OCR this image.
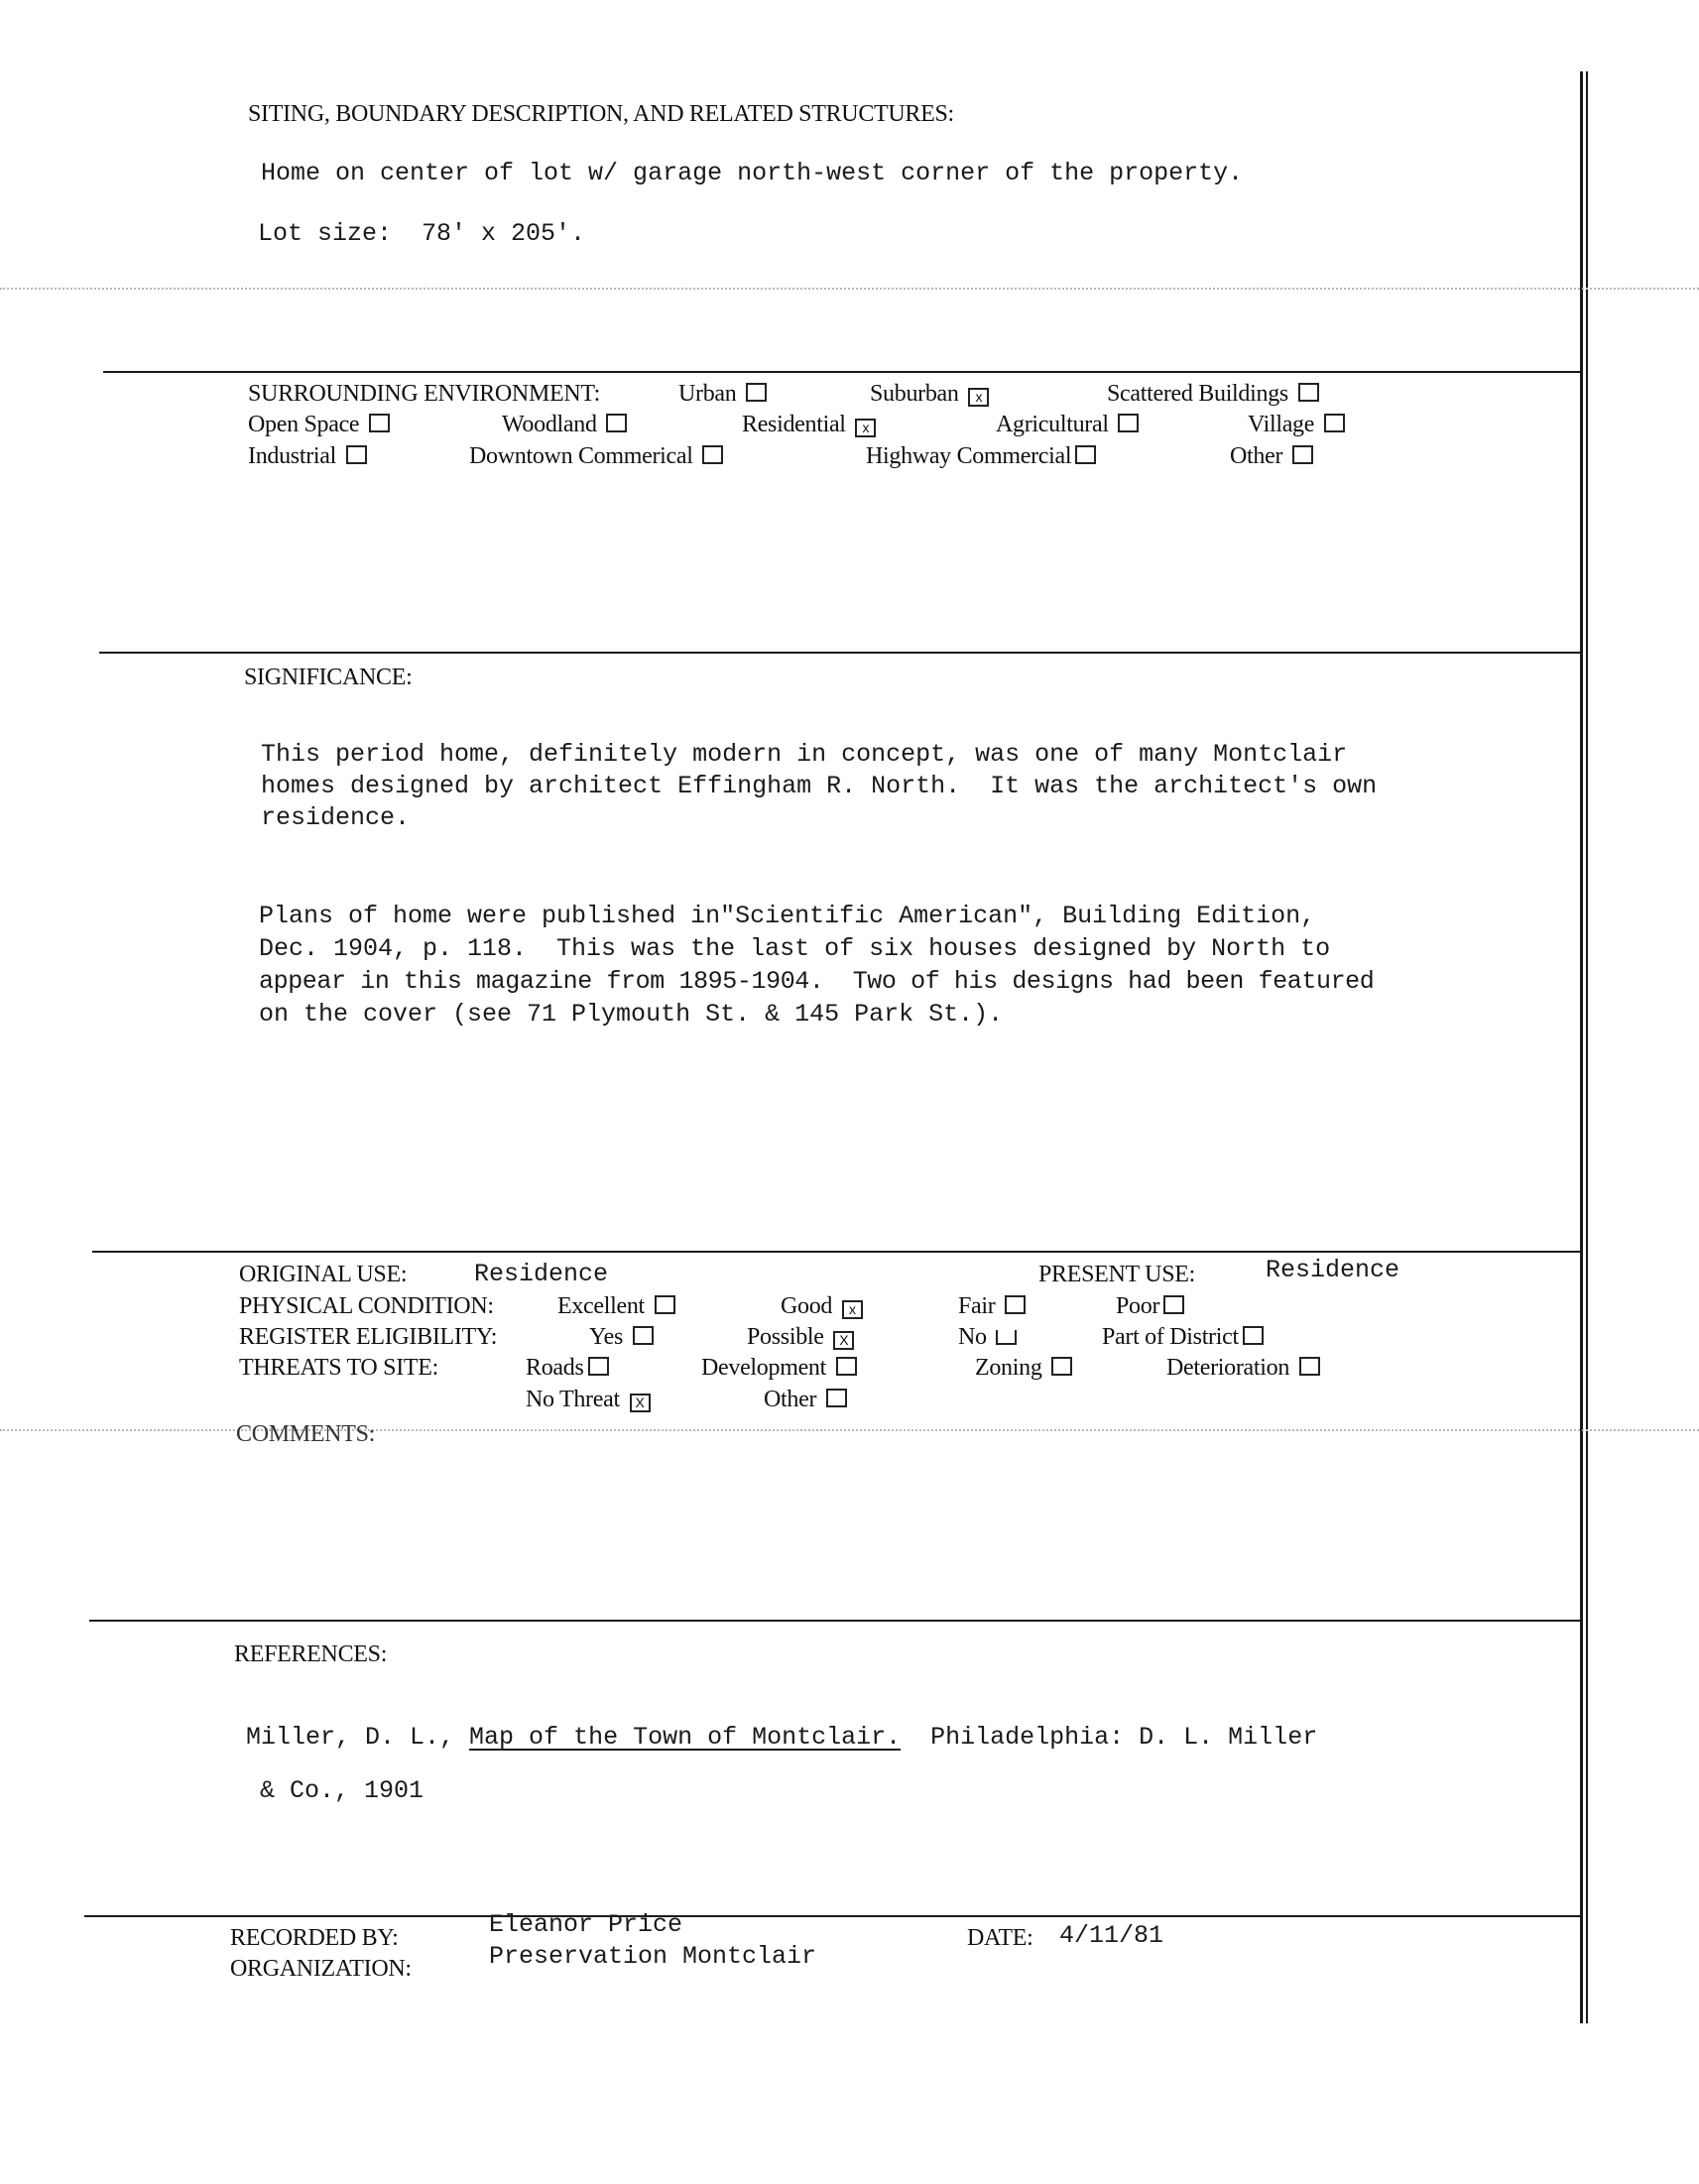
SITING, BOUNDARY DESCRIPTION, AND RELATED STRUCTURES:
Home on center of lot w/ garage north-west corner of the property.
Lot size:  78' x 205'.
SURROUNDING ENVIRONMENT:	Urban	Suburban x	Scattered Buildings
Open Space	Woodland	Residential x	Agricultural	Village
Industrial	Downtown Commerical	Highway Commercial	Other
SIGNIFICANCE:
This period home, definitely modern in concept, was one of many Montclair
homes designed by architect Effingham R. North.  It was the architect's own
residence.
Plans of home were published in"Scientific American", Building Edition,
Dec. 1904, p. 118.  This was the last of six houses designed by North to
appear in this magazine from 1895-1904.  Two of his designs had been featured
on the cover (see 71 Plymouth St. & 145 Park St.).
ORIGINAL USE:	Residence	PRESENT USE:	Residence
PHYSICAL CONDITION:	Excellent	Good x	Fair	Poor
REGISTER ELIGIBILITY:	Yes	Possible X	No	Part of District
THREATS TO SITE:	Roads	Development	Zoning	Deterioration
No Threat X	Other
COMMENTS:
REFERENCES:
Miller, D. L., Map of the Town of Montclair.  Philadelphia: D. L. Miller
& Co., 1901
RECORDED BY:	Eleanor Price
ORGANIZATION:	Preservation Montclair
DATE: 4/11/81
